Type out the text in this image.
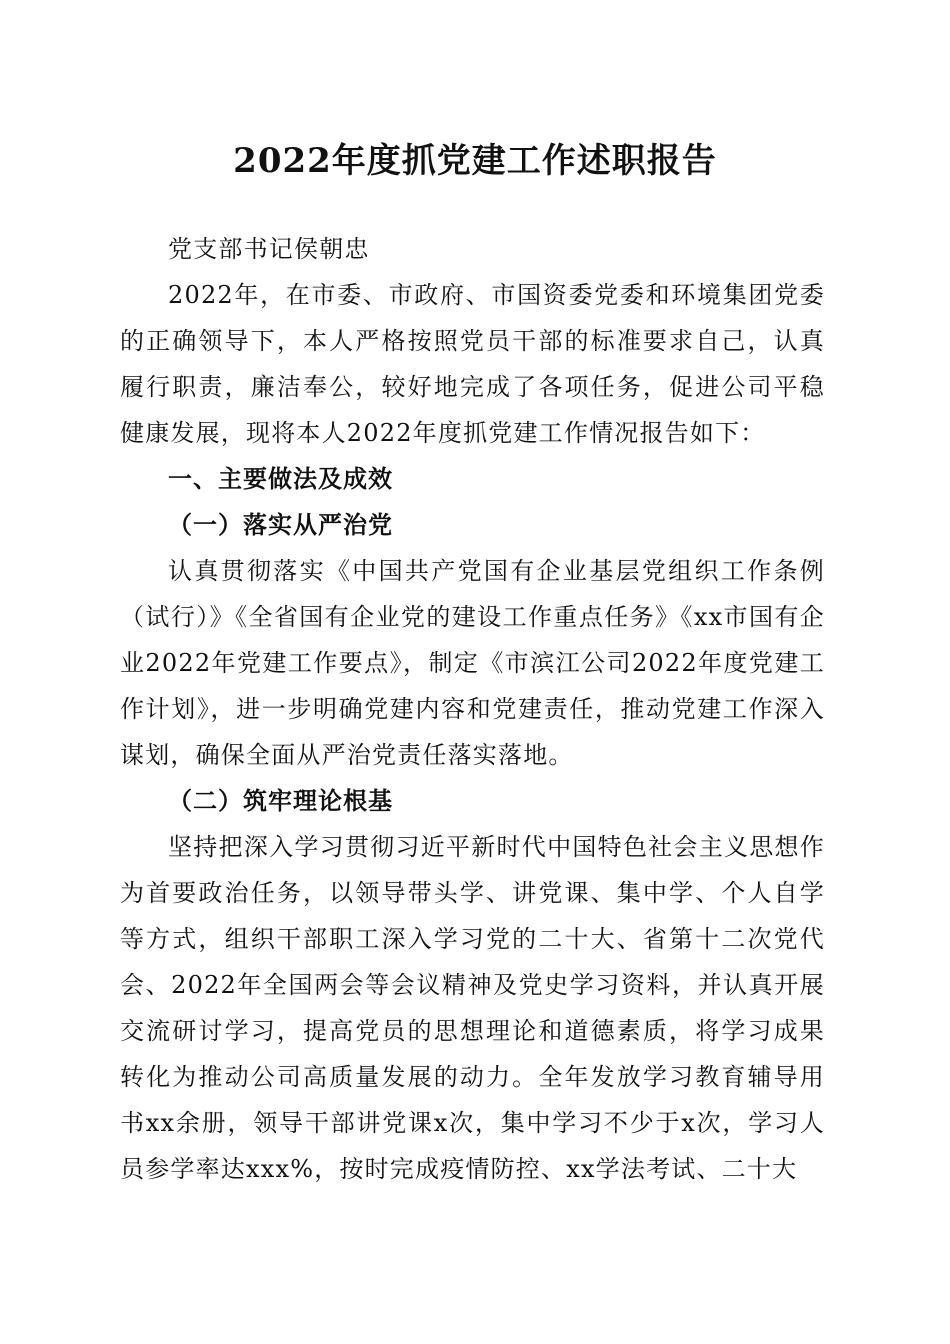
2022年度抓党建工作述职报告

党支部书记侯朝忠

2022年，在市委、市政府、市国资委党委和环境集团党委的正确领导下，本人严格按照党员干部的标准要求自己，认真履行职责，廉洁奉公，较好地完成了各项任务，促进公司平稳健康发展，现将本人2022年度抓党建工作情况报告如下：

一、主要做法及成效

（一）落实从严治党

认真贯彻落实《中国共产党国有企业基层党组织工作条例（试行）》《全省国有企业党的建设工作重点任务》《xx市国有企业2022年党建工作要点》，制定《市滨江公司2022年度党建工作计划》，进一步明确党建内容和党建责任，推动党建工作深入谋划，确保全面从严治党责任落实落地。

（二）筑牢理论根基

坚持把深入学习贯彻习近平新时代中国特色社会主义思想作为首要政治任务，以领导带头学、讲党课、集中学、个人自学等方式，组织干部职工深入学习党的二十大、省第十二次党代会、2022年全国两会等会议精神及党史学习资料，并认真开展交流研讨学习，提高党员的思想理论和道德素质，将学习成果转化为推动公司高质量发展的动力。全年发放学习教育辅导用书xx余册，领导干部讲党课x次，集中学习不少于x次，学习人员参学率达xxx%，按时完成疫情防控、xx学法考试、二十大
